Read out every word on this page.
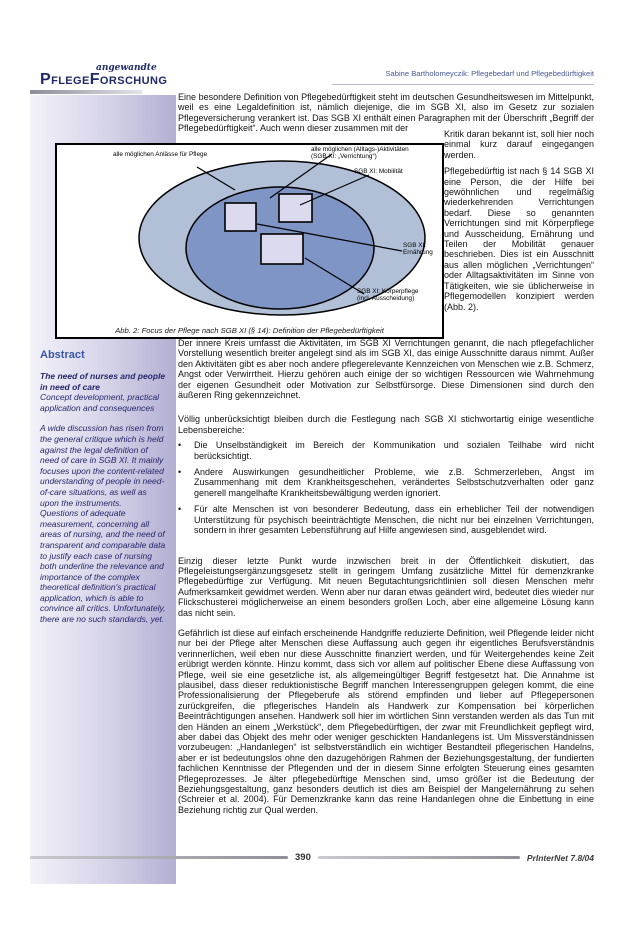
angewandte
PflegeForschung	Sabine Bartholomeyczik: Pflegebedarf und Pflegebedürftigkeit
Abstract
The need of nurses and people in need of care
Concept development, practical application and consequences

A wide discussion has risen from the general critique which is held against the legal definition of need of care in SGB XI. It mainly focuses upon the content-related understanding of people in need-of-care situations, as well as upon the instruments.

Questions of adequate measurement, concerning all areas of nursing, and the need of transparent and comparable data to justify each case of nursing both underline the relevance and importance of the complex theoretical definition's practical application, which is able to convince all critics. Unfortunately, there are no such standards, yet.

Eine besondere Definition von Pflegebedürftigkeit steht im deutschen Gesundheitswesen im Mittelpunkt, weil es eine Legaldefinition ist, nämlich diejenige, die im SGB XI, also im Gesetz zur sozialen Pflegeversicherung verankert ist. Das SGB XI enthält einen Paragraphen mit der Überschrift „Begriff der Pflegebedürftigkeit“. Auch wenn dieser zusammen mit der
alle möglichen Anlässe für Pflege
alle möglichen (Alltags-)Aktivitäten
(SGB XI: „Verrichtung“)
SGB XI: Mobilität
SGB XI:
Ernährung
SGB XI: Körperpflege
(incl. Ausscheidung)
Abb. 2: Focus der Pflege nach SGB XI (§ 14): Definition der Pflegebedürftigkeit

Kritik daran bekannt ist, soll hier noch einmal kurz darauf eingegangen werden.

Pflegebedürftig ist nach § 14 SGB XI eine Person, die der Hilfe bei gewöhnlichen und regelmäßig wiederkehrenden Verrichtungen bedarf. Diese so genannten Verrichtungen sind mit Körperpflege und Ausscheidung, Ernährung und Teilen der Mobilität genauer beschrieben. Dies ist ein Ausschnitt aus allen möglichen „Verrichtungen“ oder Alltagsaktivitäten im Sinne von Tätigkeiten, wie sie üblicherweise in Pflegemodellen konzipiert werden (Abb. 2).

Der innere Kreis umfasst die Aktivitäten, im SGB XI Verrichtungen genannt, die nach pflegefachlicher Vorstellung wesentlich breiter angelegt sind als im SGB XI, das einige Ausschnitte daraus nimmt. Außer den Aktivitäten gibt es aber noch andere pflegerelevante Kennzeichen von Menschen wie z.B. Schmerz, Angst oder Verwirrtheit. Hierzu gehören auch einige der so wichtigen Ressourcen wie Wahrnehmung der eigenen Gesundheit oder Motivation zur Selbstfürsorge. Diese Dimensionen sind durch den äußeren Ring gekennzeichnet.

Völlig unberücksichtigt bleiben durch die Festlegung nach SGB XI stichwortartig einige wesentliche Lebensbereiche:

•
Die Unselbständigkeit im Bereich der Kommunikation und sozialen Teilhabe wird nicht berücksichtigt.
•
Andere Auswirkungen gesundheitlicher Probleme, wie z.B. Schmerzerleben, Angst im Zusammenhang mit dem Krankheitsgeschehen, verändertes Selbstschutzverhalten oder ganz generell mangelhafte Krankheitsbewältigung werden ignoriert.
•
Für alte Menschen ist von besonderer Bedeutung, dass ein erheblicher Teil der notwendigen Unterstützung für psychisch beeinträchtigte Menschen, die nicht nur bei einzelnen Verrichtungen, sondern in ihrer gesamten Lebensführung auf Hilfe angewiesen sind, ausgeblendet wird.

Einzig dieser letzte Punkt wurde inzwischen breit in der Öffentlichkeit diskutiert, das Pflegeleistungsergänzungsgesetz stellt in geringem Umfang zusätzliche Mittel für demenzkranke Pflegebedürftige zur Verfügung. Mit neuen Begutachtungsrichtlinien soll diesen Menschen mehr Aufmerksamkeit gewidmet werden. Wenn aber nur daran etwas geändert wird, bedeutet dies wieder nur Flickschusterei möglicherweise an einem besonders großen Loch, aber eine allgemeine Lösung kann das nicht sein.

Gefährlich ist diese auf einfach erscheinende Handgriffe reduzierte Definition, weil Pflegende leider nicht nur bei der Pflege alter Menschen diese Auffassung auch gegen ihr eigentliches Berufsverständnis verinnerlichen, weil eben nur diese Ausschnitte finanziert werden, und für Weitergehendes keine Zeit erübrigt werden könnte. Hinzu kommt, dass sich vor allem auf politischer Ebene diese Auffassung von Pflege, weil sie eine gesetzliche ist, als allgemeingültiger Begriff festgesetzt hat. Die Annahme ist plausibel, dass dieser reduktionistische Begriff manchen Interessengruppen gelegen kommt, die eine Professionalisierung der Pflegeberufe als störend empfinden und lieber auf Pflegepersonen zurückgreifen, die pflegerisches Handeln als Handwerk zur Kompensation bei körperlichen Beeinträchtigungen ansehen. Handwerk soll hier im wörtlichen Sinn verstanden werden als das Tun mit den Händen an einem „Werkstück“, dem Pflegebedürftigen, der zwar mit Freundlichkeit gepflegt wird, aber dabei das Objekt des mehr oder weniger geschickten Handanlegens ist. Um Missverständnissen vorzubeugen: „Handanlegen“ ist selbstverständlich ein wichtiger Bestandteil pflegerischen Handelns, aber er ist bedeutungslos ohne den dazugehörigen Rahmen der Beziehungsgestaltung, der fundierten fachlichen Kenntnisse der Pflegenden und der in diesem Sinne erfolgten Steuerung eines gesamten Pflegeprozesses. Je älter pflegebedürftige Menschen sind, umso größer ist die Bedeutung der Beziehungsgestaltung, ganz besonders deutlich ist dies am Beispiel der Mangelernährung zu sehen (Schreier et al. 2004). Für Demenzkranke kann das reine Handanlegen ohne die Einbettung in eine Beziehung richtig zur Qual werden.

390	PrInterNet 7.8/04
